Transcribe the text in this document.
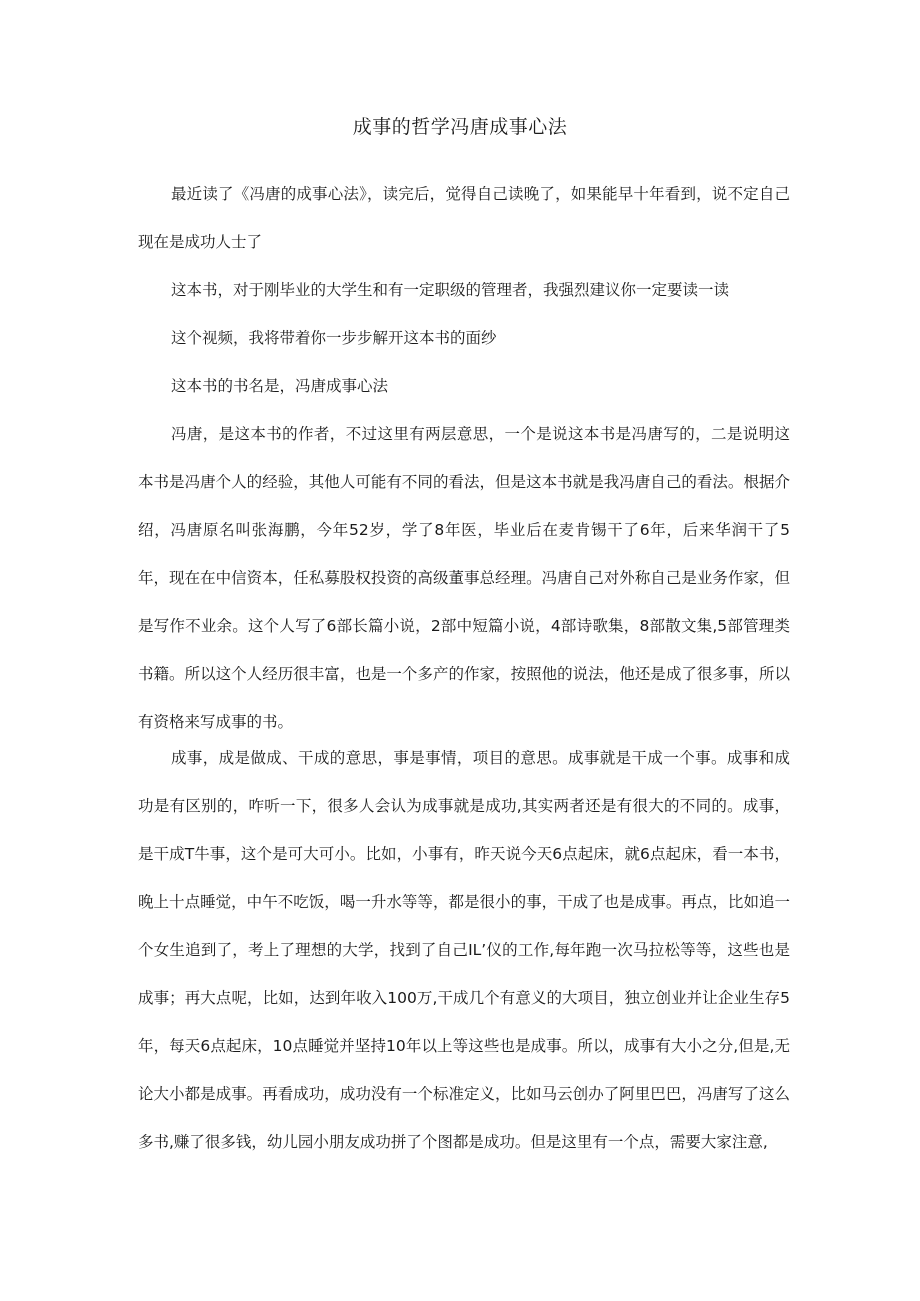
成事的哲学冯唐成事心法

最近读了《冯唐的成事心法》，读完后，觉得自己读晚了，如果能早十年看到，说不定自己现在是成功人士了

这本书，对于刚毕业的大学生和有一定职级的管理者，我强烈建议你一定要读一读

这个视频，我将带着你一步步解开这本书的面纱

这本书的书名是，冯唐成事心法

冯唐，是这本书的作者，不过这里有两层意思，一个是说这本书是冯唐写的，二是说明这本书是冯唐个人的经验，其他人可能有不同的看法，但是这本书就是我冯唐自己的看法。根据介绍，冯唐原名叫张海鹏，今年52岁，学了8年医，毕业后在麦肯锡干了6年，后来华润干了5年，现在在中信资本，任私募股权投资的高级董事总经理。冯唐自己对外称自己是业务作家，但是写作不业余。这个人写了6部长篇小说，2部中短篇小说，4部诗歌集，8部散文集,5部管理类书籍。所以这个人经历很丰富，也是一个多产的作家，按照他的说法，他还是成了很多事，所以有资格来写成事的书。

成事，成是做成、干成的意思，事是事情，项目的意思。成事就是干成一个事。成事和成功是有区别的，咋听一下，很多人会认为成事就是成功,其实两者还是有很大的不同的。成事，是干成T牛事，这个是可大可小。比如，小事有，昨天说今天6点起床，就6点起床，看一本书，晚上十点睡觉，中午不吃饭，喝一升水等等，都是很小的事，干成了也是成事。再点，比如追一个女生追到了，考上了理想的大学，找到了自己IL’仪的工作,每年跑一次马拉松等等，这些也是成事；再大点呢，比如，达到年收入100万,干成几个有意义的大项目，独立创业并让企业生存5年，每天6点起床，10点睡觉并坚持10年以上等这些也是成事。所以，成事有大小之分,但是,无论大小都是成事。再看成功，成功没有一个标准定义，比如马云创办了阿里巴巴，冯唐写了这么多书,赚了很多钱，幼儿园小朋友成功拼了个图都是成功。但是这里有一个点，需要大家注意,
